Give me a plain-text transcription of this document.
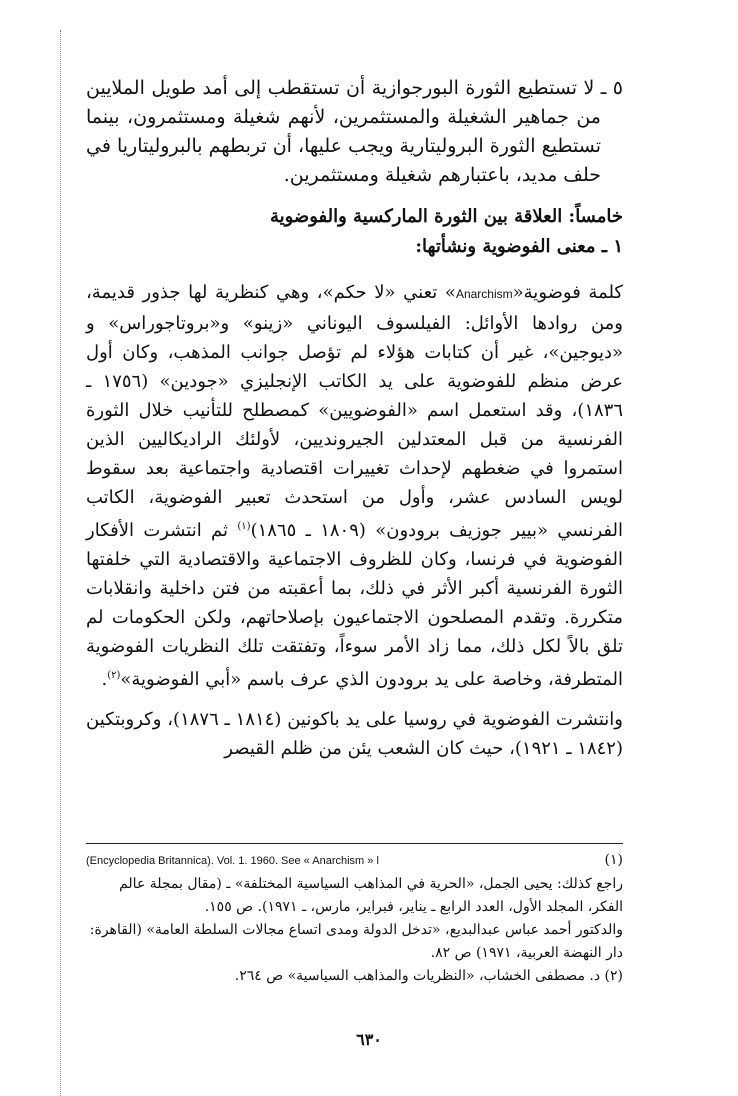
٥ ـ لا تستطيع الثورة البورجوازية أن تستقطب إلى أمد طويل الملايين من جماهير الشغيلة والمستثمرين، لأنهم شغيلة ومستثمرون، بينما تستطيع الثورة البروليتارية ويجب عليها، أن تربطهم بالبروليتاريا في حلف مديد، باعتبارهم شغيلة ومستثمرين.

خامساً: العلاقة بين الثورة الماركسية والفوضوية
١ ـ معنى الفوضوية ونشأتها:

كلمة فوضوية«Anarchism» تعني «لا حكم»، وهي كنظرية لها جذور قديمة، ومن روادها الأوائل: الفيلسوف اليوناني «زينو» و«بروتاجوراس» و «ديوجين»، غير أن كتابات هؤلاء لم تؤصل جوانب المذهب، وكان أول عرض منظم للفوضوية على يد الكاتب الإنجليزي «جودين» (١٧٥٦ ـ ١٨٣٦)، وقد استعمل اسم «الفوضويين» كمصطلح للتأنيب خلال الثورة الفرنسية من قبل المعتدلين الجيرونديين، لأولئك الراديكاليين الذين استمروا في ضغطهم لإحداث تغييرات اقتصادية واجتماعية بعد سقوط لويس السادس عشر، وأول من استحدث تعبير الفوضوية، الكاتب الفرنسي «بيير جوزيف برودون» (١٨٠٩ ـ ١٨٦٥)$^{(١)}$ ثم انتشرت الأفكار الفوضوية في فرنسا، وكان للظروف الاجتماعية والاقتصادية التي خلفتها الثورة الفرنسية أكبر الأثر في ذلك، بما أعقبته من فتن داخلية وانقلابات متكررة. وتقدم المصلحون الاجتماعيون بإصلاحاتهم، ولكن الحكومات لم تلق بالاً لكل ذلك، مما زاد الأمر سوءاً، وتفتقت تلك النظريات الفوضوية المتطرفة، وخاصة على يد برودون الذي عرف باسم «أبي الفوضوية»$^{(٢)}$.

وانتشرت الفوضوية في روسيا على يد باكونين (١٨١٤ ـ ١٨٧٦)، وكروبتكين (١٨٤٢ ـ ١٩٢١)، حيث كان الشعب يئن من ظلم القيصر

(١)
(Encyclopedia Britannica). Vol. 1. 1960. See « Anarchism » l

راجع كذلك: يحيى الجمل، «الحرية في المذاهب السياسية المختلفة» ـ (مقال بمجلة عالم الفكر، المجلد الأول، العدد الرابع ـ يناير، فبراير، مارس، ـ ١٩٧١). ص ١٥٥.

والدكتور أحمد عباس عبدالبديع، «تدخل الدولة ومدى اتساع مجالات السلطة العامة» (القاهرة: دار النهضة العربية، ١٩٧١) ص ٨٢.

(٢) د. مصطفى الخشاب، «النظريات والمذاهب السياسية» ص ٢٦٤.

٦٣٠
